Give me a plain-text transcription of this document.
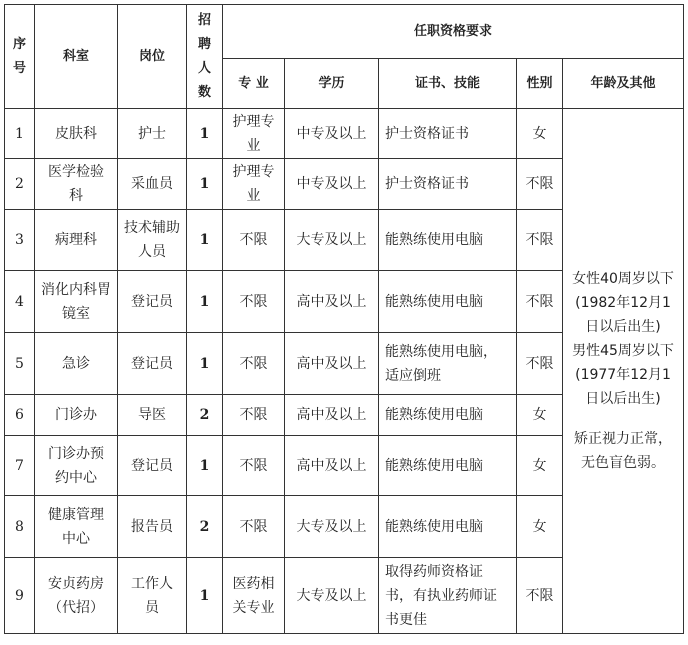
序号	科室	岗位	招聘人数	任职资格要求				
				专 业	学历	证书、技能	性别	年龄及其他
1	皮肤科	护士	1	护理专业	中专及以上	护士资格证书	女	女性40周岁以下
(1982年12月1日以后出生)
男性45周岁以下
(1977年12月1日以后出生)
矫正视力正常，无色盲色弱。

2	医学检验科	采血员	1	护理专业	中专及以上	护士资格证书	不限	
3	病理科	技术辅助人员	1	不限	大专及以上	能熟练使用电脑	不限	
4	消化内科胃镜室	登记员	1	不限	高中及以上	能熟练使用电脑	不限	
5	急诊	登记员	1	不限	高中及以上	能熟练使用电脑，适应倒班	不限	
6	门诊办	导医	2	不限	高中及以上	能熟练使用电脑	女	
7	门诊办预约中心	登记员	1	不限	高中及以上	能熟练使用电脑	女	
8	健康管理中心	报告员	2	不限	大专及以上	能熟练使用电脑	女	
9	安贞药房（代招）	工作人员	1	医药相关专业	大专及以上	取得药师资格证书，有执业药师证书更佳	不限	
